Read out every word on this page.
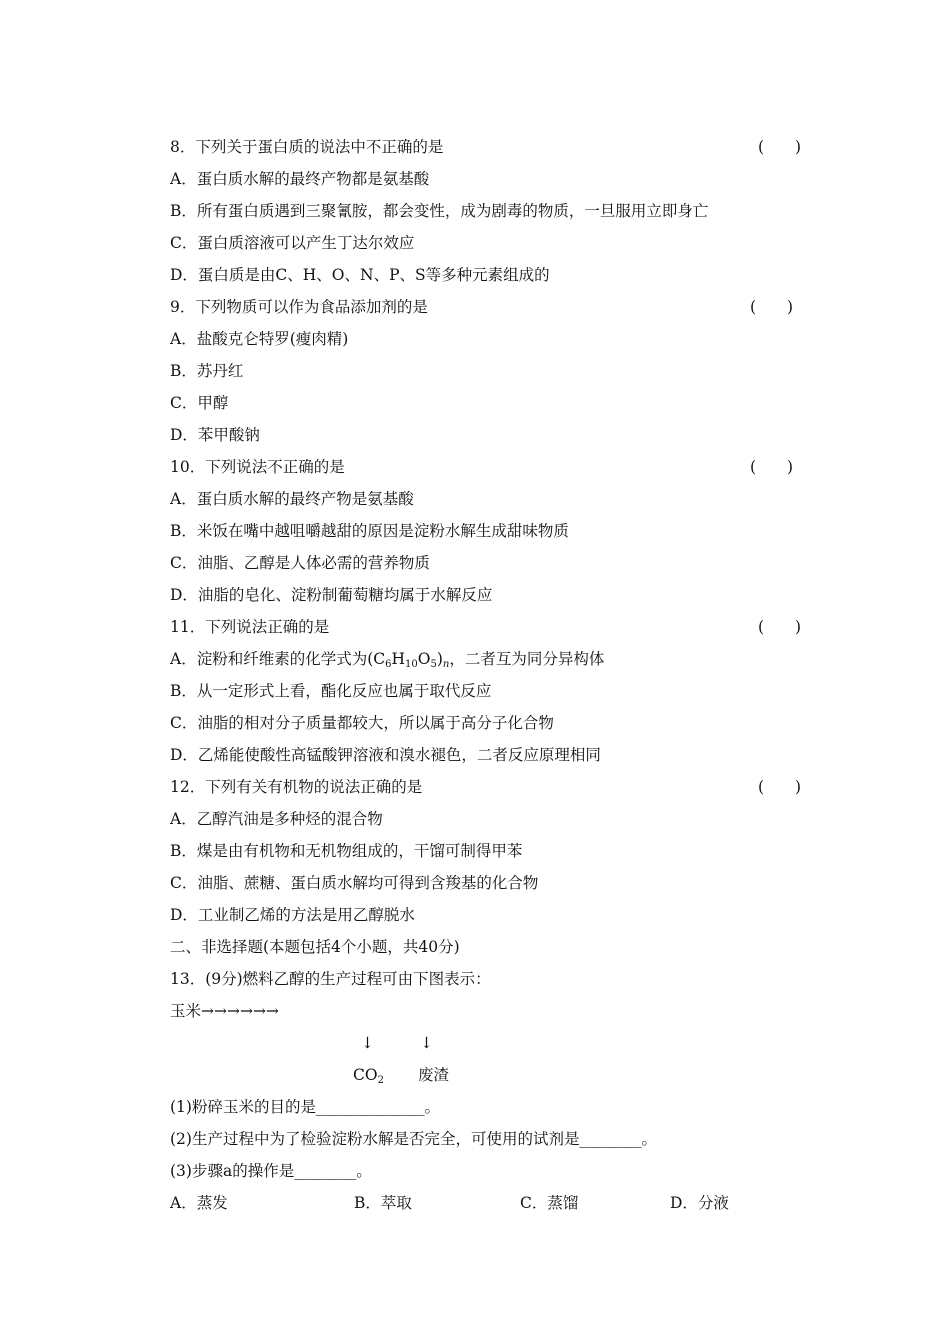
8．下列关于蛋白质的说法中不正确的是	(　　)
A．蛋白质水解的最终产物都是氨基酸
B．所有蛋白质遇到三聚氰胺，都会变性，成为剧毒的物质，一旦服用立即身亡
C．蛋白质溶液可以产生丁达尔效应
D．蛋白质是由C、H、O、N、P、S等多种元素组成的
9．下列物质可以作为食品添加剂的是	(　　)
A．盐酸克仑特罗(瘦肉精)
B．苏丹红
C．甲醇
D．苯甲酸钠
10．下列说法不正确的是	(　　)
A．蛋白质水解的最终产物是氨基酸
B．米饭在嘴中越咀嚼越甜的原因是淀粉水解生成甜味物质
C．油脂、乙醇是人体必需的营养物质
D．油脂的皂化、淀粉制葡萄糖均属于水解反应
11．下列说法正确的是	(　　)
A．淀粉和纤维素的化学式为$(C_6H_{10}O_5)_n$，二者互为同分异构体
B．从一定形式上看，酯化反应也属于取代反应
C．油脂的相对分子质量都较大，所以属于高分子化合物
D．乙烯能使酸性高锰酸钾溶液和溴水褪色，二者反应原理相同
12．下列有关有机物的说法正确的是	(　　)
A．乙醇汽油是多种烃的混合物
B．煤是由有机物和无机物组成的，干馏可制得甲苯
C．油脂、蔗糖、蛋白质水解均可得到含羧基的化合物
D．工业制乙烯的方法是用乙醇脱水
二、非选择题(本题包括4个小题，共40分)
13．(9分)燃料乙醇的生产过程可由下图表示：
玉米→→→→→→
↓	↓
$CO_2$ 废渣
(1)粉碎玉米的目的是______________。
(2)生产过程中为了检验淀粉水解是否完全，可使用的试剂是________。
(3)步骤a的操作是________。
A．蒸发	B．萃取	C．蒸馏	D．分液
